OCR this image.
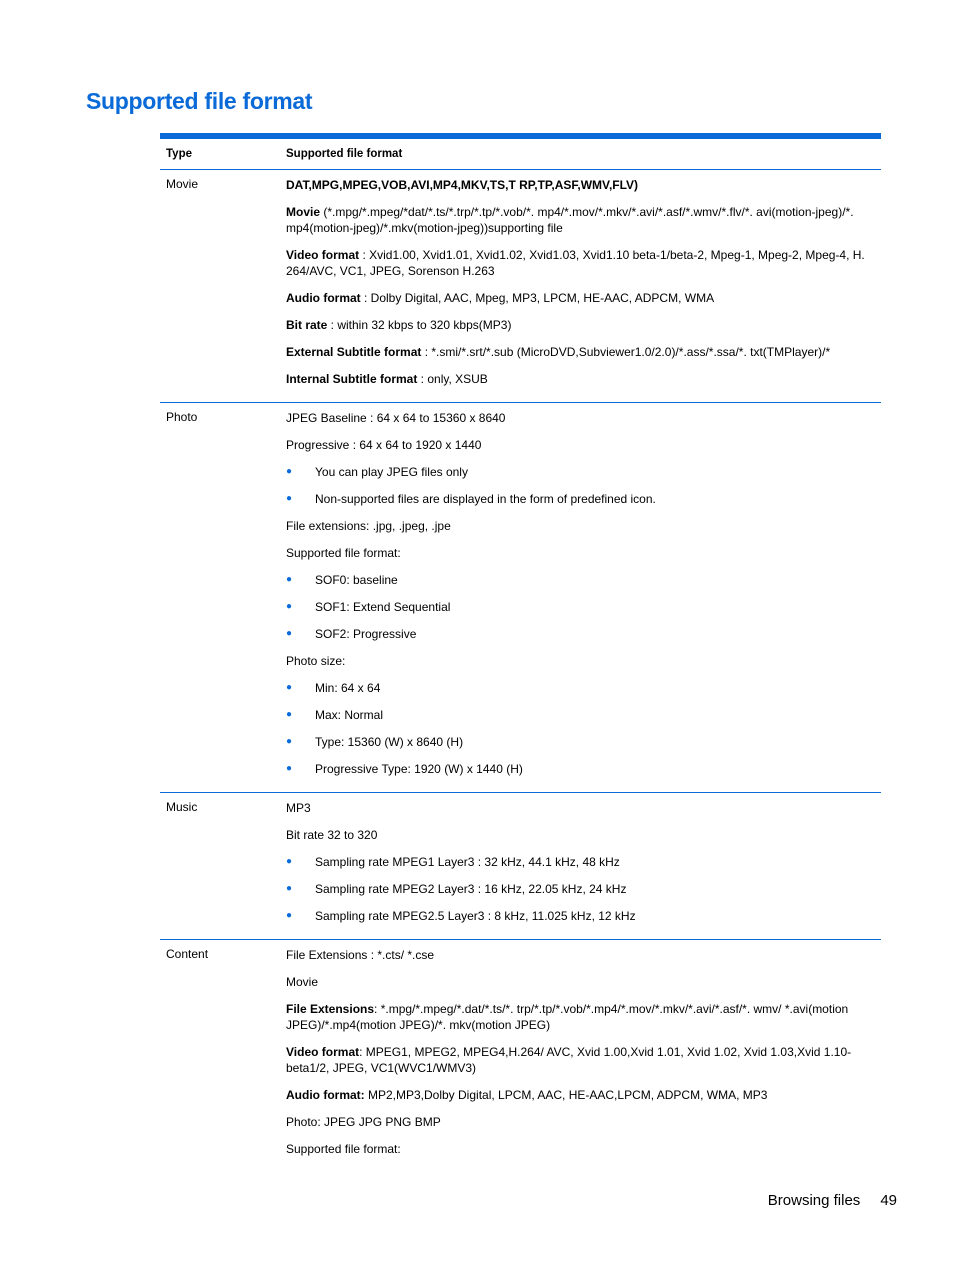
Supported file format
Type	Supported file format
Movie	DAT,MPG,MPEG,VOB,AVI,MP4,MKV,TS,T RP,TP,ASF,WMV,FLV)

Movie (*.mpg/*.mpeg/*dat/*.ts/*.trp/*.tp/*.vob/*. mp4/*.mov/*.mkv/*.avi/*.asf/*.wmv/*.flv/*. avi(motion-jpeg)/*. mp4(motion-jpeg)/*.mkv(motion-jpeg))supporting file

Video format : Xvid1.00, Xvid1.01, Xvid1.02, Xvid1.03, Xvid1.10 beta-1/beta-2, Mpeg-1, Mpeg-2, Mpeg-4, H. 264/AVC, VC1, JPEG, Sorenson H.263

Audio format : Dolby Digital, AAC, Mpeg, MP3, LPCM, HE-AAC, ADPCM, WMA

Bit rate : within 32 kbps to 320 kbps(MP3)

External Subtitle format : *.smi/*.srt/*.sub (MicroDVD,Subviewer1.0/2.0)/*.ass/*.ssa/*. txt(TMPlayer)/*

Internal Subtitle format : only, XSUB

Photo	JPEG Baseline : 64 x 64 to 15360 x 8640

Progressive : 64 x 64 to 1920 x 1440

●	You can play JPEG files only
●	Non-supported files are displayed in the form of predefined icon.

File extensions: .jpg, .jpeg, .jpe

Supported file format:

●	SOF0: baseline
●	SOF1: Extend Sequential
●	SOF2: Progressive

Photo size:

●	Min: 64 x 64
●	Max: Normal
●	Type: 15360 (W) x 8640 (H)
●	Progressive Type: 1920 (W) x 1440 (H)
Music	MP3

Bit rate 32 to 320

●	Sampling rate MPEG1 Layer3 : 32 kHz, 44.1 kHz, 48 kHz
●	Sampling rate MPEG2 Layer3 : 16 kHz, 22.05 kHz, 24 kHz
●	Sampling rate MPEG2.5 Layer3 : 8 kHz, 11.025 kHz, 12 kHz
Content	File Extensions : *.cts/ *.cse

Movie

File Extensions: *.mpg/*.mpeg/*.dat/*.ts/*. trp/*.tp/*.vob/*.mp4/*.mov/*.mkv/*.avi/*.asf/*. wmv/ *.avi(motion JPEG)/*.mp4(motion JPEG)/*. mkv(motion JPEG)

Video format: MPEG1, MPEG2, MPEG4,H.264/ AVC, Xvid 1.00,Xvid 1.01, Xvid 1.02, Xvid 1.03,Xvid 1.10-beta1/2, JPEG, VC1(WVC1/WMV3)

Audio format: MP2,MP3,Dolby Digital, LPCM, AAC, HE-AAC,LPCM, ADPCM, WMA, MP3

Photo: JPEG JPG PNG BMP

Supported file format:

Browsing files 49
